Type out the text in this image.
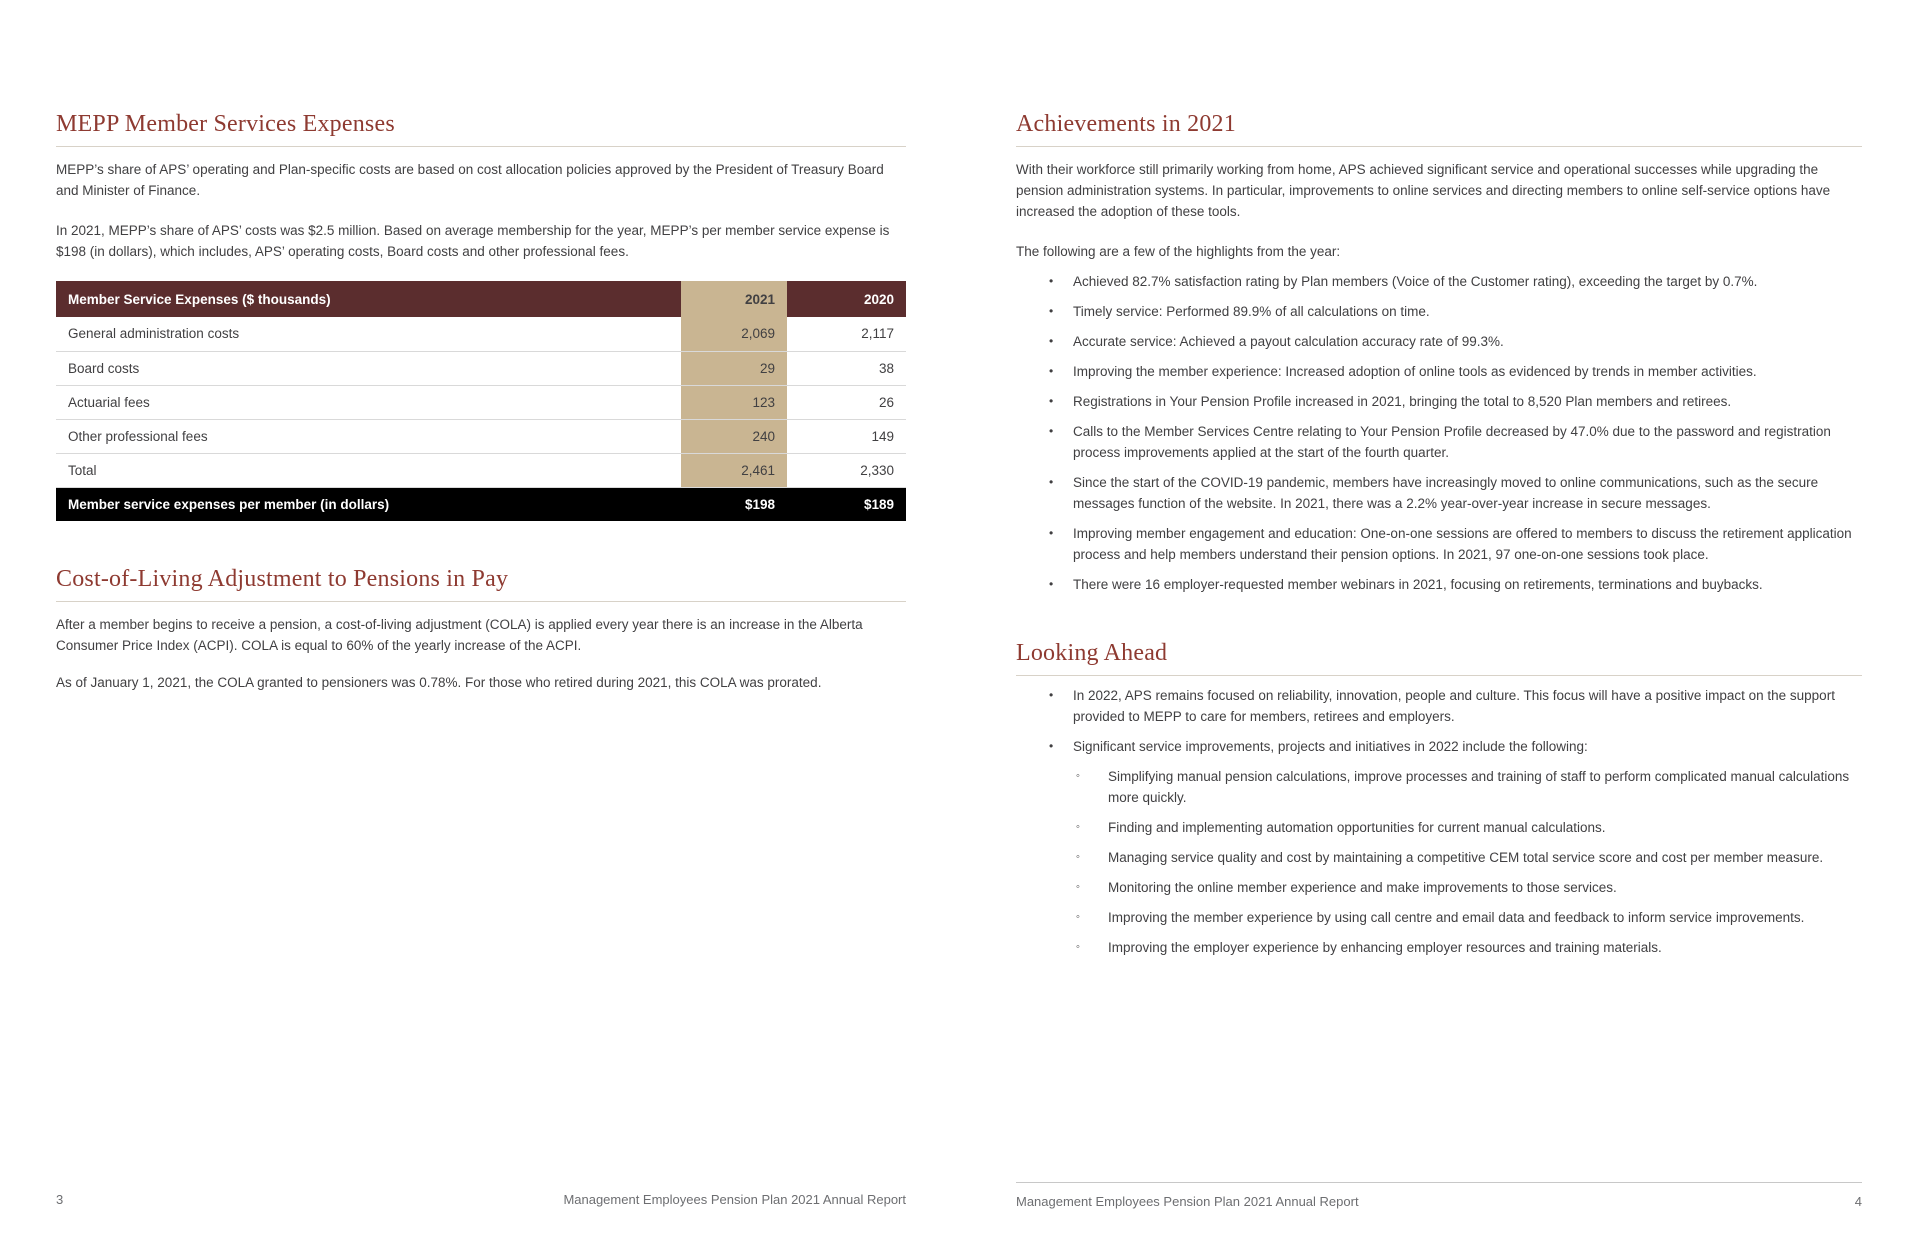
MEPP Member Services Expenses

MEPP’s share of APS’ operating and Plan-specific costs are based on cost allocation policies approved by the President of Treasury Board and Minister of Finance.

In 2021, MEPP’s share of APS’ costs was $2.5 million. Based on average membership for the year, MEPP’s per member service expense is $198 (in dollars), which includes, APS’ operating costs, Board costs and other professional fees.

Member Service Expenses ($ thousands)	2021	2020
General administration costs	2,069	2,117
Board costs	29	38
Actuarial fees	123	26
Other professional fees	240	149
Total	2,461	2,330
Member service expenses per member (in dollars)	$198	$189
Cost-of-Living Adjustment to Pensions in Pay

After a member begins to receive a pension, a cost-of-living adjustment (COLA) is applied every year there is an increase in the Alberta Consumer Price Index (ACPI). COLA is equal to 60% of the yearly increase of the ACPI.

As of January 1, 2021, the COLA granted to pensioners was 0.78%. For those who retired during 2021, this COLA was prorated.

Achievements in 2021

With their workforce still primarily working from home, APS achieved significant service and operational successes while upgrading the pension administration systems. In particular, improvements to online services and directing members to online self-service options have increased the adoption of these tools.

The following are a few of the highlights from the year:

• Achieved 82.7% satisfaction rating by Plan members (Voice of the Customer rating), exceeding the target by 0.7%.
• Timely service: Performed 89.9% of all calculations on time.
• Accurate service: Achieved a payout calculation accuracy rate of 99.3%.
• Improving the member experience: Increased adoption of online tools as evidenced by trends in member activities.
• Registrations in Your Pension Profile increased in 2021, bringing the total to 8,520 Plan members and retirees.
• Calls to the Member Services Centre relating to Your Pension Profile decreased by 47.0% due to the password and registration process improvements applied at the start of the fourth quarter.
• Since the start of the COVID-19 pandemic, members have increasingly moved to online communications, such as the secure messages function of the website. In 2021, there was a 2.2% year-over-year increase in secure messages.
• Improving member engagement and education: One-on-one sessions are offered to members to discuss the retirement application process and help members understand their pension options. In 2021, 97 one-on-one sessions took place.
• There were 16 employer-requested member webinars in 2021, focusing on retirements, terminations and buybacks.
Looking Ahead
• In 2022, APS remains focused on reliability, innovation, people and culture. This focus will have a positive impact on the support provided to MEPP to care for members, retirees and employers.
• Significant service improvements, projects and initiatives in 2022 include the following:
◦ Simplifying manual pension calculations, improve processes and training of staff to perform complicated manual calculations more quickly.
◦ Finding and implementing automation opportunities for current manual calculations.
◦ Managing service quality and cost by maintaining a competitive CEM total service score and cost per member measure.
◦ Monitoring the online member experience and make improvements to those services.
◦ Improving the member experience by using call centre and email data and feedback to inform service improvements.
◦ Improving the employer experience by enhancing employer resources and training materials.
3	Management Employees Pension Plan 2021 Annual Report	Management Employees Pension Plan 2021 Annual Report	4
